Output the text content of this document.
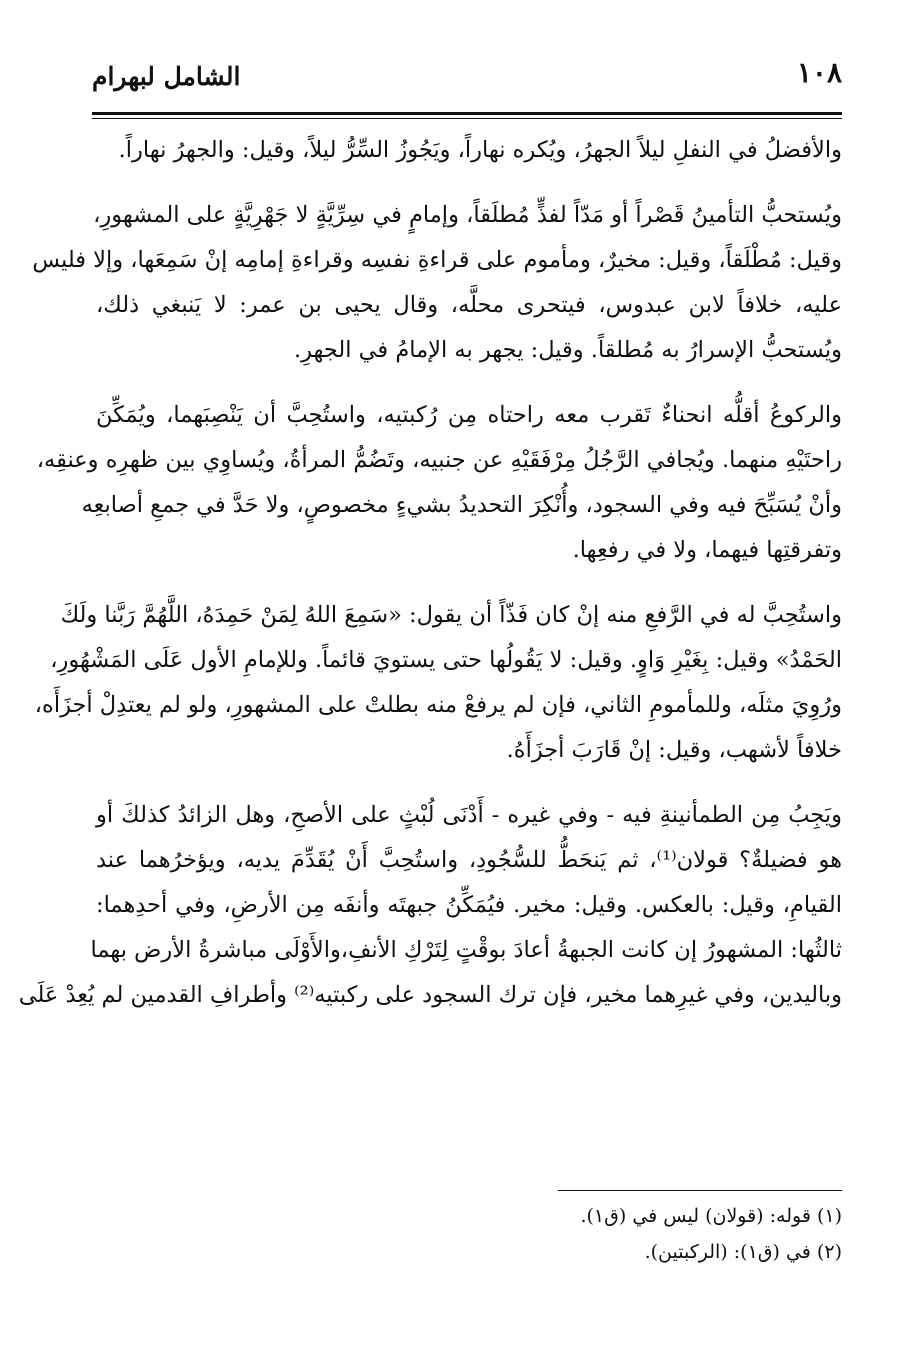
١٠٨
الشامل لبهرام
والأفضلُ في النفلِ ليلاً الجهرُ، ويُكره نهاراً، ويَجُوزُ السِّرُّ ليلاً، وقيل: والجهرُ نهاراً.
ويُستحبُّ التأمينُ قَصْراً أو مَدّاً لفذٍّ مُطلَقاً، وإمامٍ في سِرِّيَّةٍ لا جَهْرِيَّةٍ على المشهورِ،
وقيل: مُطْلَقاً، وقيل: مخيرٌ، ومأموم على قراءةِ نفسِه وقراءةِ إمامِه إنْ سَمِعَها، وإلا فليس
عليه، خلافاً لابن عبدوس، فيتحرى محلَّه، وقال يحيى بن عمر: لا يَنبغي ذلك،
ويُستحبُّ الإسرارُ به مُطلقاً. وقيل: يجهر به الإمامُ في الجهرِ.
والركوعُ أقلُّه انحناءٌ تَقرب معه راحتاه مِن رُكبتيه، واستُحِبَّ أن يَنْصِبَهما، ويُمَكِّنَ
راحتَيْهِ منهما. ويُجافي الرَّجُلُ مِرْفَقَيْهِ عن جنبيه، وتَضُمُّ المرأةُ، ويُساوِي بين ظهرِه وعنقِه،
وأنْ يُسَبِّحَ فيه وفي السجود، وأُنْكِرَ التحديدُ بشيءٍ مخصوصٍ، ولا حَدَّ في جمعِ أصابعِه
وتفرقتِها فيهما، ولا في رفعِها.
واستُحِبَّ له في الرَّفعِ منه إنْ كان فَذّاً أن يقول: «سَمِعَ اللهُ لِمَنْ حَمِدَهُ، اللَّهُمَّ رَبَّنا ولَكَ
الحَمْدُ» وقيل: بِغَيْرِ وَاوٍ. وقيل: لا يَقُولُها حتى يستويَ قائماً. وللإمامِ الأول عَلَى المَشْهُورِ،
ورُوِيَ مثلَه، وللمأمومِ الثاني، فإن لم يرفعْ منه بطلتْ على المشهورِ، ولو لم يعتدِلْ أجزَأَه،
خلافاً لأشهب، وقيل: إنْ قَارَبَ أجزَأَهُ.
ويَجِبُ مِن الطمأنينةِ فيه - وفي غيره - أَدْنَى لُبْثٍ على الأصحِ، وهل الزائدُ كذلكَ أو
هو فضيلةٌ؟ قولان⁽¹⁾، ثم يَنحَطُّ للسُّجُودِ، واستُحِبَّ أَنْ يُقَدِّمَ يديه، ويؤخرُهما عند
القيامِ، وقيل: بالعكس. وقيل: مخير. فيُمَكِّنُ جبهتَه وأنفَه مِن الأرضِ، وفي أحدِهما:
ثالثُها: المشهورُ إن كانت الجبهةُ أعادَ بوقْتٍ لِتَرْكِ الأنفِ،والأَوْلَى مباشرةُ الأرض بهما
وباليدين، وفي غيرِهما مخير، فإن ترك السجود على ركبتيه⁽²⁾ وأطرافِ القدمين لم يُعِدْ عَلَى
(١) قوله: (قولان) ليس في (ق١).
(٢) في (ق١): (الركبتين).
